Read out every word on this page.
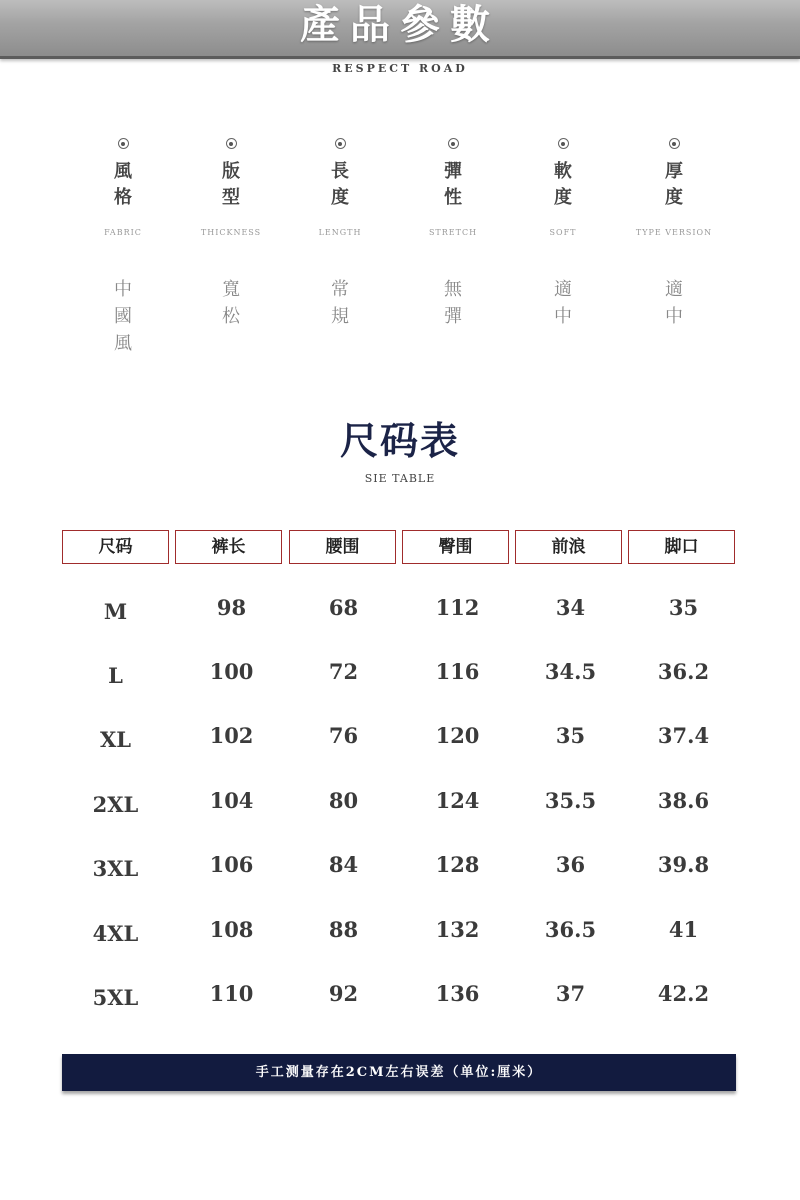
產品參數
RESPECT ROAD
風格
FABRIC
中國風
版型
THICKNESS
寬松
長度
LENGTH
常規
彈性
STRETCH
無彈
軟度
SOFT
適中
厚度
TYPE VERSION
適中
尺码表
SIE TABLE
尺码	裤长	腰围	臀围	前浪	脚口
M	98	68	112	34	35
L	100	72	116	34.5	36.2
XL	102	76	120	35	37.4
2XL	104	80	124	35.5	38.6
3XL	106	84	128	36	39.8
4XL	108	88	132	36.5	41
5XL	110	92	136	37	42.2
手工测量存在2CM左右误差（单位:厘米）
